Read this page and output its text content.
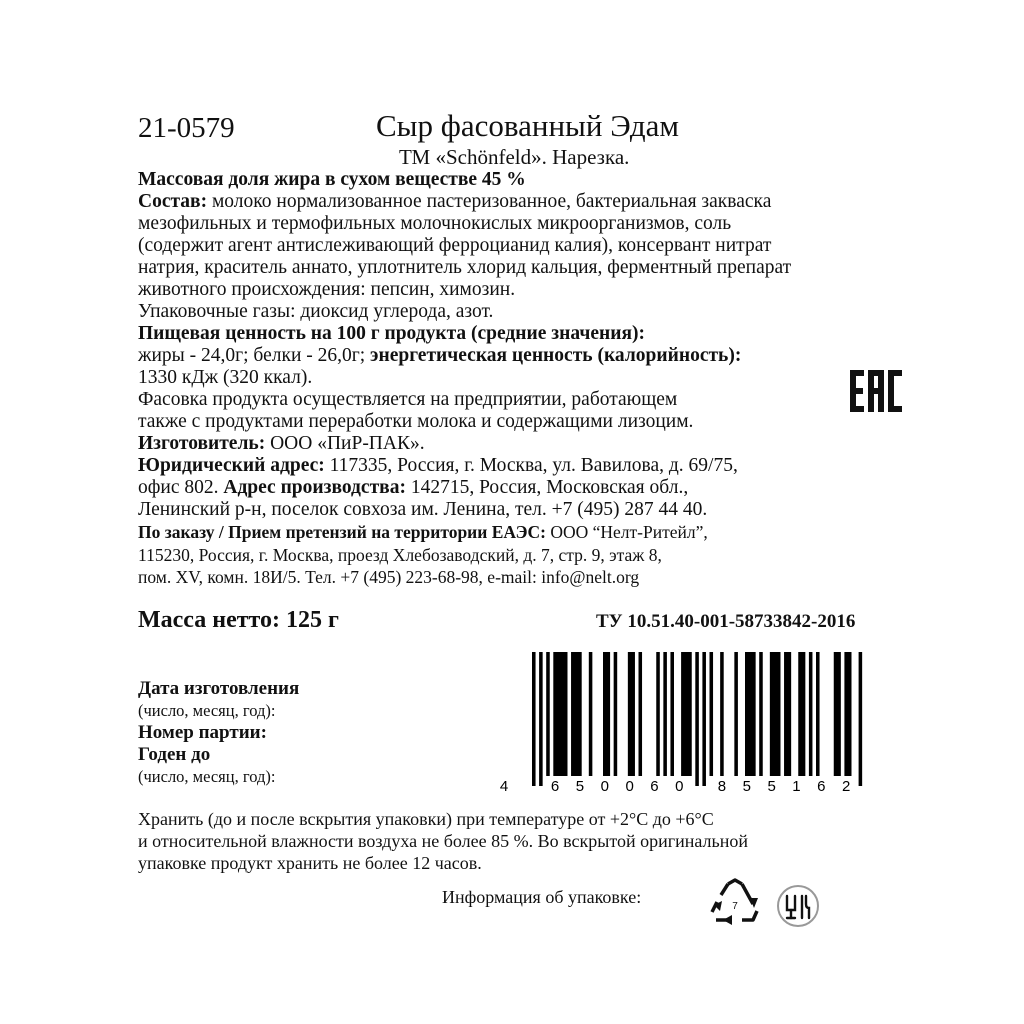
21-0579	Сыр фасованный Эдам
ТМ «Schönfeld». Нарезка.
Массовая доля жира в сухом веществе 45 %
Состав: молоко нормализованное пастеризованное, бактериальная закваска
мезофильных и термофильных молочнокислых микроорганизмов, соль
(содержит агент антислеживающий ферроцианид калия), консервант нитрат
натрия, краситель аннато, уплотнитель хлорид кальция, ферментный препарат
животного происхождения: пепсин, химозин.
Упаковочные газы: диоксид углерода, азот.
Пищевая ценность на 100 г продукта (средние значения):
жиры - 24,0г; белки - 26,0г; энергетическая ценность (калорийность):
1330 кДж (320 ккал).
Фасовка продукта осуществляется на предприятии, работающем
также с продуктами переработки молока и содержащими лизоцим.
Изготовитель: ООО «ПиР-ПАК».
Юридический адрес: 117335, Россия, г. Москва, ул. Вавилова, д. 69/75,
офис 802. Адрес производства: 142715, Россия, Московская обл.,
Ленинский р-н, поселок совхоза им. Ленина, тел. +7 (495) 287 44 40.
По заказу / Прием претензий на территории ЕАЭС: ООО “Нелт-Ритейл”,
115230, Россия, г. Москва, проезд Хлебозаводский, д. 7, стр. 9, этаж 8,
пом. XV, комн. 18И/5. Тел. +7 (495) 223-68-98, e-mail: info@nelt.org
Масса нетто: 125 г	ТУ 10.51.40-001-58733842-2016
Дата изготовления
(число, месяц, год):
Номер партии:
Годен до
(число, месяц, год):
4	6 5 0 0 6 0 8 5 5 1 6 2
Хранить (до и после вскрытия упаковки) при температуре от +2°С до +6°С
и относительной влажности воздуха не более 85 %. Во вскрытой оригинальной
упаковке продукт хранить не более 12 часов.
Информация об упаковке:	7
